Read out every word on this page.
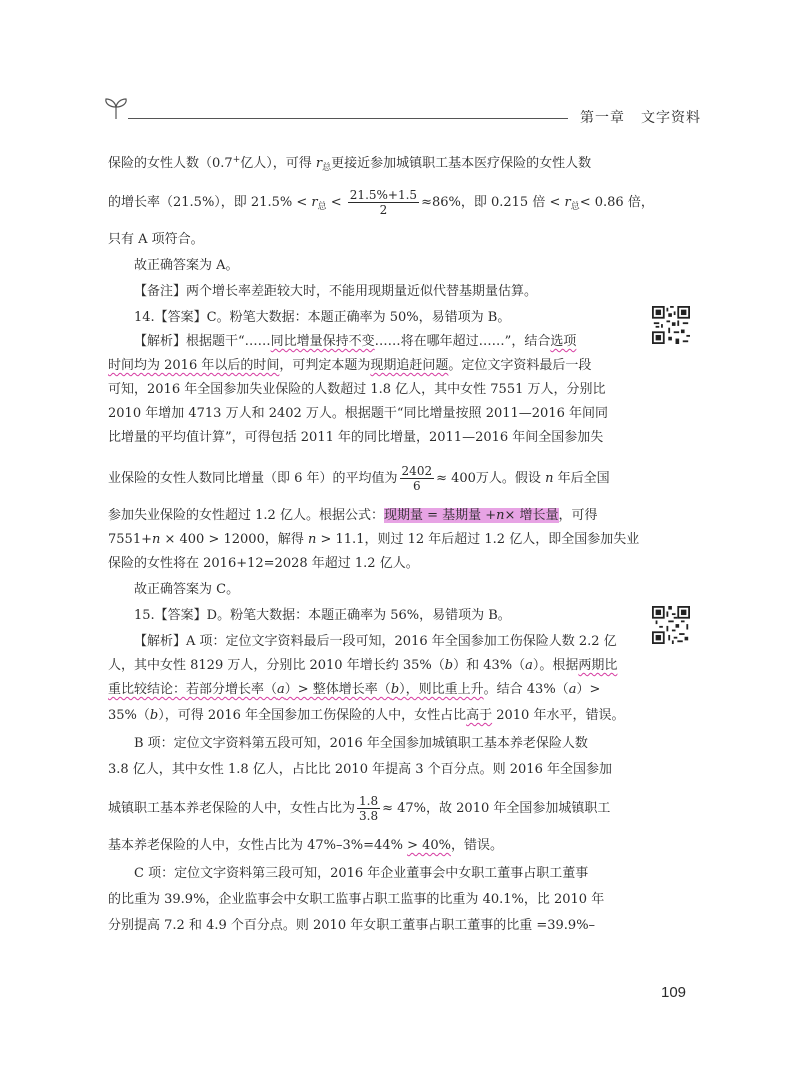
第一章 文字资料
保险的女性人数（0.7+亿人），可得 $r_总$更接近参加城镇职工基本医疗保险的女性人数
的增长率（21.5%），即 $21.5\% < r_总 < \frac{21.5\%+1.5}{2} \approx 86\%$，即 0.215 倍 < $r_总< 0.86$ 倍，
只有 A 项符合。
故正确答案为 A。
【备注】两个增长率差距较大时，不能用现期量近似代替基期量估算。
14.【答案】C。粉笔大数据：本题正确率为 50%，易错项为 B。
【解析】根据题干“……同比增量保持不变……将在哪年超过……”，结合选项
时间均为 2016 年以后的时间，可判定本题为现期追赶问题。定位文字资料最后一段
可知，2016 年全国参加失业保险的人数超过 1.8 亿人，其中女性 7551 万人，分别比
2010 年增加 4713 万人和 2402 万人。根据题干“同比增量按照 2011—2016 年间同
比增量的平均值计算”，可得包括 2011 年的同比增量，2011—2016 年间全国参加失
业保险的女性人数同比增量（即 6 年）的平均值为 $\frac{2402}{6} \approx 400$万人。假设 n 年后全国
参加失业保险的女性超过 1.2 亿人。根据公式：现期量 = 基期量 +n× 增长量，可得
7551+n × 400 > 12000，解得 n > 11.1，则过 12 年后超过 1.2 亿人，即全国参加失业
保险的女性将在 2016+12=2028 年超过 1.2 亿人。
故正确答案为 C。
15.【答案】D。粉笔大数据：本题正确率为 56%，易错项为 B。
【解析】A 项：定位文字资料最后一段可知，2016 年全国参加工伤保险人数 2.2 亿
人，其中女性 8129 万人，分别比 2010 年增长约 35%（b）和 43%（a）。根据两期比
重比较结论：若部分增长率（a）> 整体增长率（b），则比重上升。结合 43%（a）>
35%（b），可得 2016 年全国参加工伤保险的人中，女性占比高于 2010 年水平，错误。
B 项：定位文字资料第五段可知，2016 年全国参加城镇职工基本养老保险人数
3.8 亿人，其中女性 1.8 亿人，占比比 2010 年提高 3 个百分点。则 2016 年全国参加
城镇职工基本养老保险的人中，女性占比为 $\frac{1.8}{3.8} \approx 47\%$，故 2010 年全国参加城镇职工
基本养老保险的人中，女性占比为 47%–3%=44% > 40%，错误。
C 项：定位文字资料第三段可知，2016 年企业董事会中女职工董事占职工董事
的比重为 39.9%，企业监事会中女职工监事占职工监事的比重为 40.1%，比 2010 年
分别提高 7.2 和 4.9 个百分点。则 2010 年女职工董事占职工董事的比重 =39.9%–
109
